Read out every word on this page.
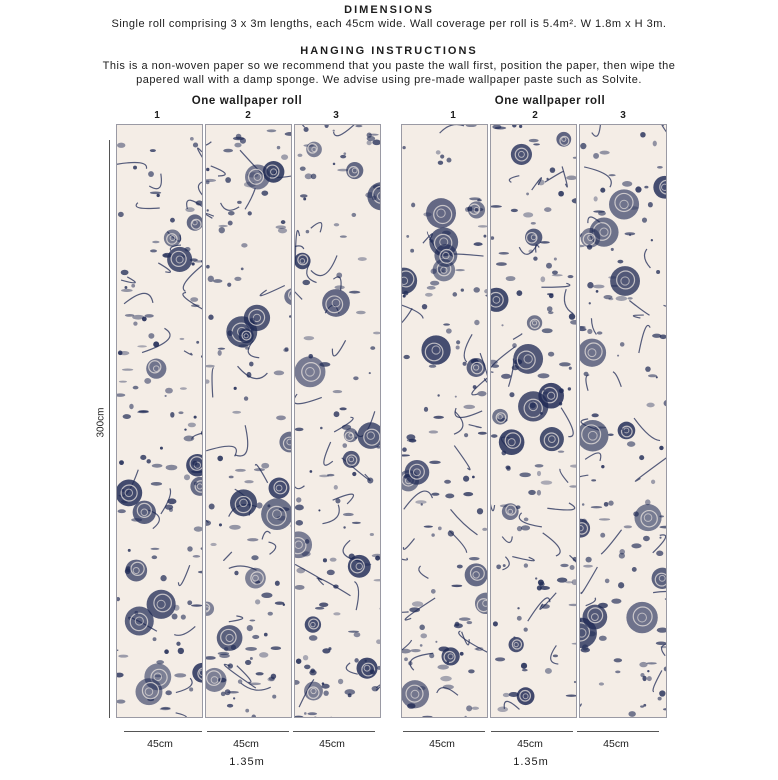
DIMENSIONS
Single roll comprising 3 x 3m lengths, each 45cm wide. Wall coverage per roll is 5.4m². W 1.8m x H 3m.
HANGING INSTRUCTIONS
This is a non-woven paper so we recommend that you paste the wall first, position the paper, then wipe the
papered wall with a damp sponge. We advise using pre-made wallpaper paste such as Solvite.
300cm
One wallpaper roll
1	2	3
45cm	45cm	45cm
1.35m
One wallpaper roll
1	2	3
45cm	45cm	45cm
1.35m
